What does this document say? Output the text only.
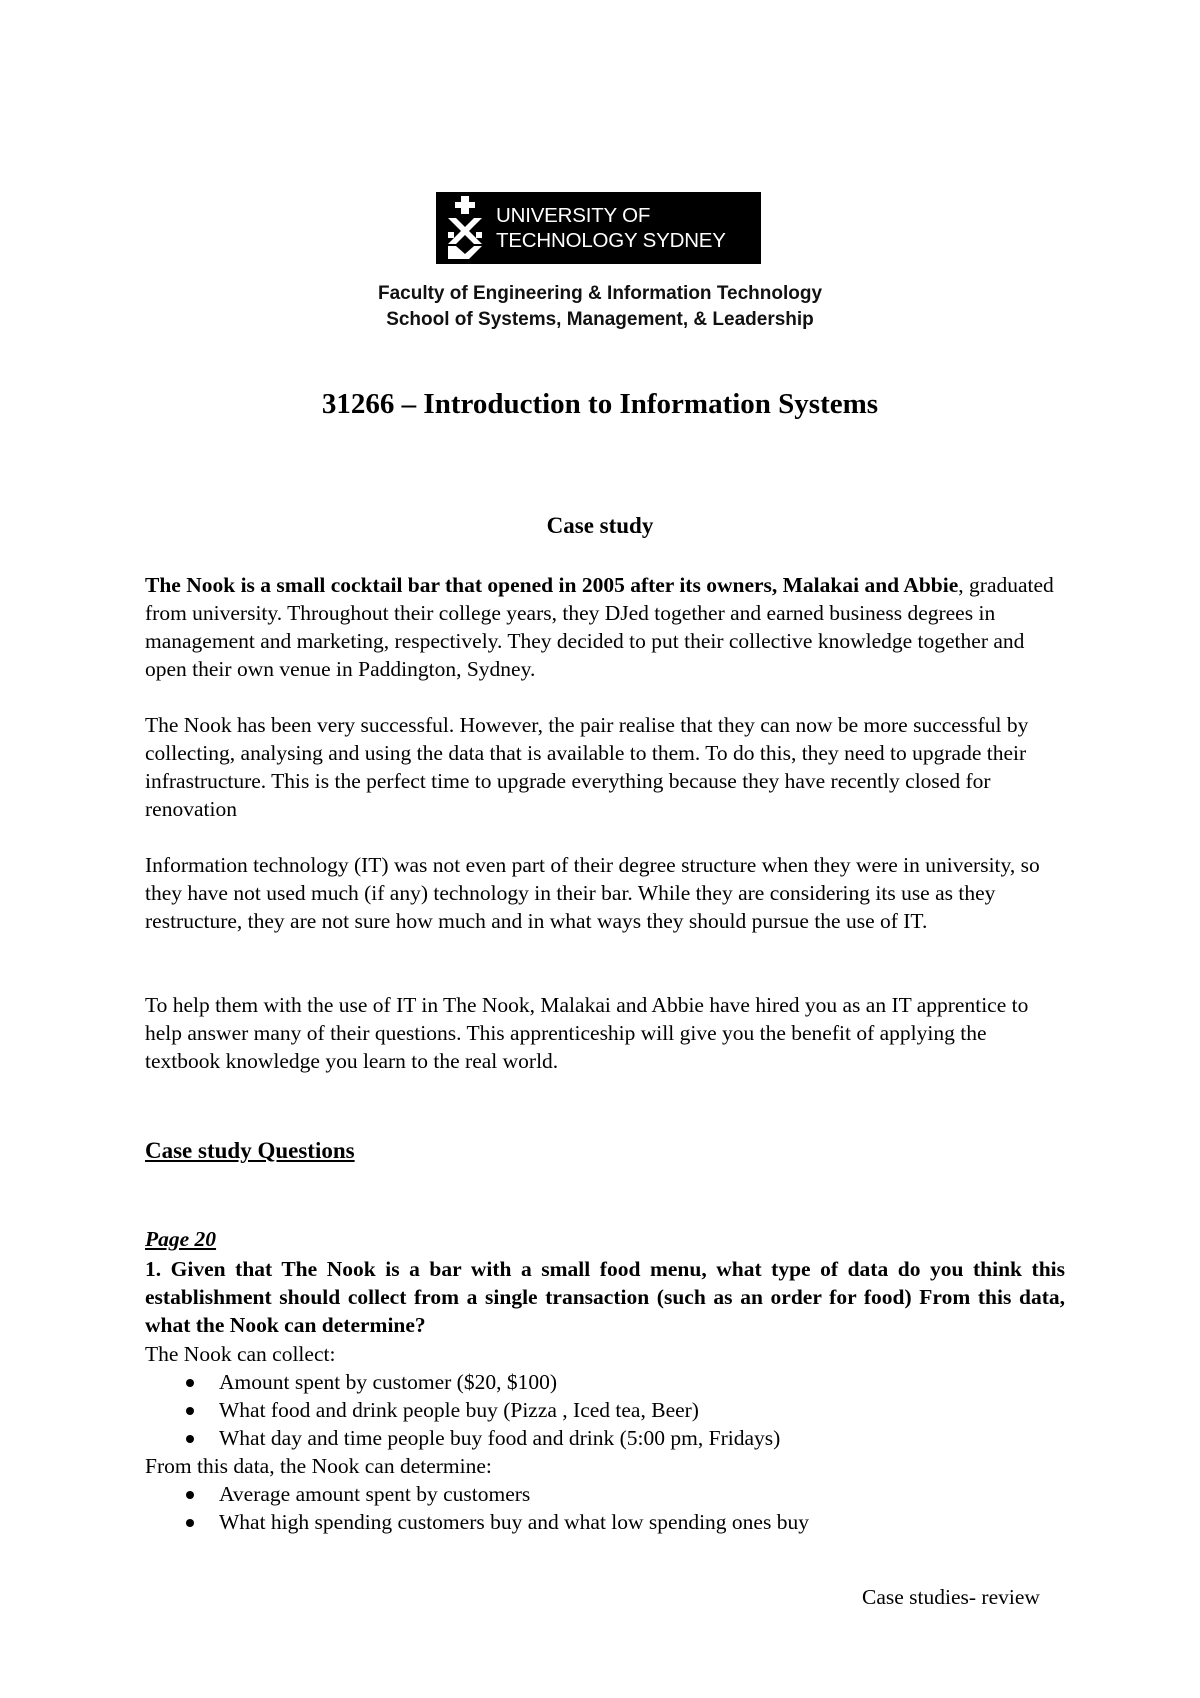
UNIVERSITY OF
TECHNOLOGY SYDNEY
Faculty of Engineering & Information Technology
School of Systems, Management, & Leadership
31266 – Introduction to Information Systems
Case study

The Nook is a small cocktail bar that opened in 2005 after its owners, Malakai and Abbie, graduated from university. Throughout their college years, they DJed together and earned business degrees in management and marketing, respectively. They decided to put their collective knowledge together and open their own venue in Paddington, Sydney.

The Nook has been very successful. However, the pair realise that they can now be more successful by collecting, analysing and using the data that is available to them. To do this, they need to upgrade their infrastructure. This is the perfect time to upgrade everything because they have recently closed for renovation

Information technology (IT) was not even part of their degree structure when they were in university, so they have not used much (if any) technology in their bar. While they are considering its use as they restructure, they are not sure how much and in what ways they should pursue the use of IT.

To help them with the use of IT in The Nook, Malakai and Abbie have hired you as an IT apprentice to help answer many of their questions. This apprenticeship will give you the benefit of applying the textbook knowledge you learn to the real world.

Case study Questions
Page 20
1. Given that The Nook is a bar with a small food menu, what type of data do you think this establishment should collect from a single transaction (such as an order for food) From this data, what the Nook can determine?
The Nook can collect:
Amount spent by customer ($20, $100)
What food and drink people buy (Pizza , Iced tea, Beer)
What day and time people buy food and drink (5:00 pm, Fridays)
From this data, the Nook can determine:
Average amount spent by customers
What high spending customers buy and what low spending ones buy
Case studies- review
